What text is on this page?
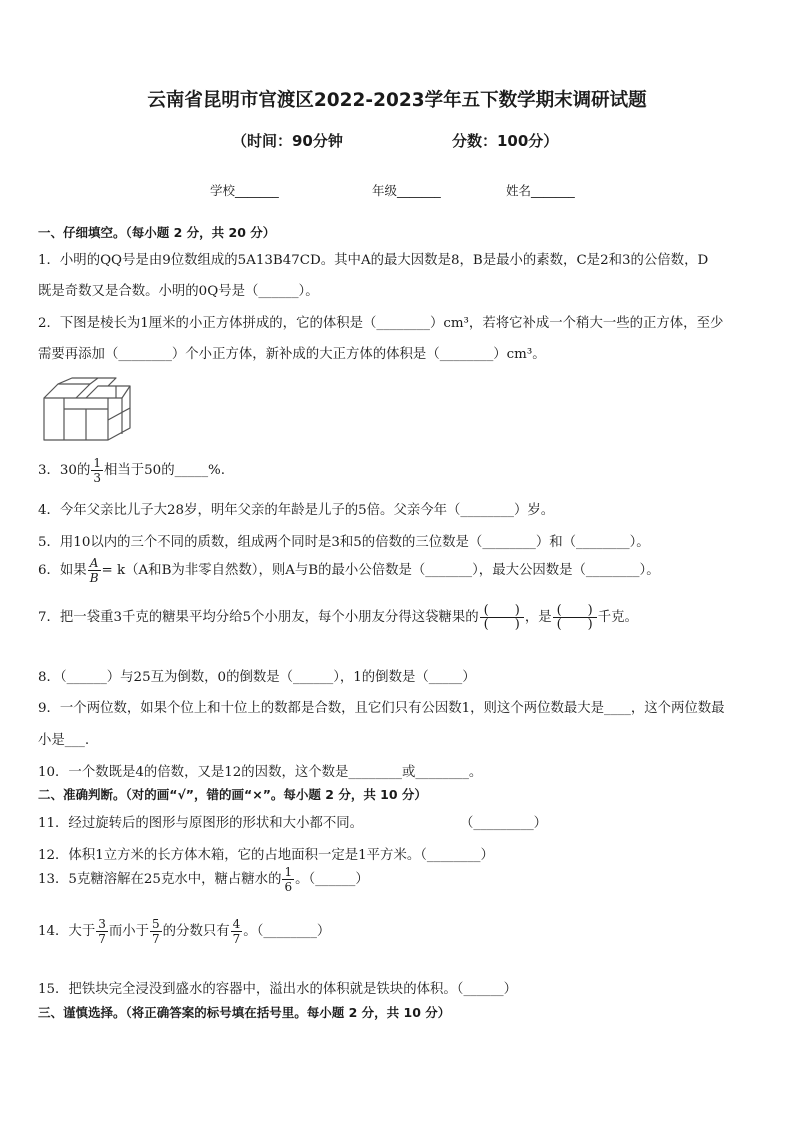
云南省昆明市官渡区2022-2023学年五下数学期末调研试题
（时间：90分钟	分数：100分）
学校_______	年级_______	姓名_______
一、仔细填空。（每小题 2 分，共 20 分）
1．小明的QQ号是由9位数组成的5A13B47CD。其中A的最大因数是8，B是最小的素数，C是2和3的公倍数，D
既是奇数又是合数。小明的0Q号是（______）。
2．下图是棱长为1厘米的小正方体拼成的，它的体积是（________）cm³，若将它补成一个稍大一些的正方体，至少
需要再添加（________）个小正方体，新补成的大正方体的体积是（________）cm³。
3．30的 $\frac{1}{3}$ 相当于50的_____%.
4．今年父亲比儿子大28岁，明年父亲的年龄是儿子的5倍。父亲今年（________）岁。
5．用10以内的三个不同的质数，组成两个同时是3和5的倍数的三位数是（________）和（________）。
6．如果 $\frac{A}{B} = k(A$和B为非零自然数），则A与B的最小公倍数是（_______），最大公因数是（________）。
7．把一袋重3千克的糖果平均分给5个小朋友，每个小朋友分得这袋糖果的 $\frac{( )}{( )}$ ，是 $\frac{( )}{( )}$ 千克。
8．（______）与25互为倒数，0的倒数是（______），1的倒数是（_____）
9．一个两位数，如果个位上和十位上的数都是合数，且它们只有公因数1，则这个两位数最大是____，这个两位数最
小是___.
10．一个数既是4的倍数，又是12的因数，这个数是________或________。
二、准确判断。（对的画“√”，错的画“×”。每小题 2 分，共 10 分）
11．经过旋转后的图形与原图形的形状和大小都不同。	（_________）
12．体积1立方米的长方体木箱，它的占地面积一定是1平方米。（________）
13．5克糖溶解在25克水中，糖占糖水的 $\frac{1}{6}$ 。（______）
14．大于 $\frac{3}{7}$ 而小于 $\frac{5}{7}$ 的分数只有 $\frac{4}{7}$ 。（________）
15．把铁块完全浸没到盛水的容器中，溢出水的体积就是铁块的体积。（______）
三、谨慎选择。（将正确答案的标号填在括号里。每小题 2 分，共 10 分）
